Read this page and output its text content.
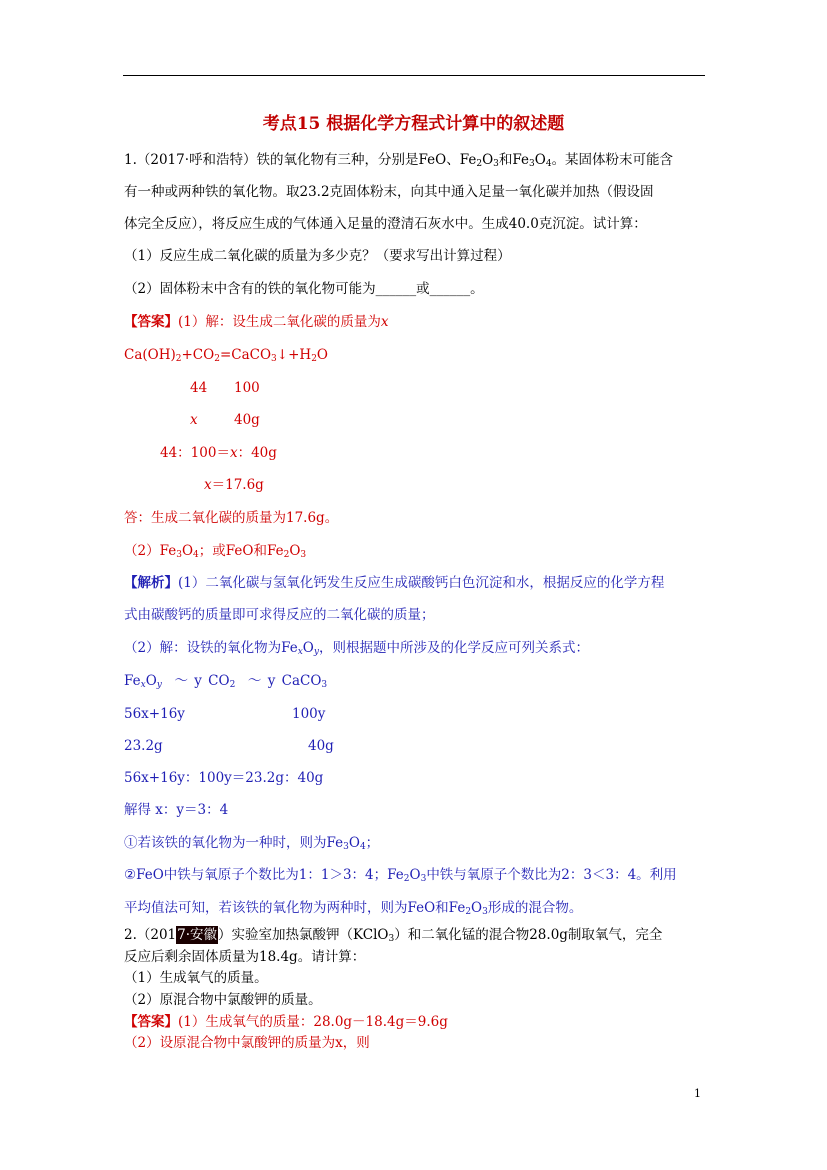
考点15 根据化学方程式计算中的叙述题
1.（2017·呼和浩特）铁的氧化物有三种，分别是FeO、$Fe_2O_3$和$Fe_3O_4$。某固体粉末可能含
有一种或两种铁的氧化物。取23.2克固体粉末，向其中通入足量一氧化碳并加热（假设固
体完全反应），将反应生成的气体通入足量的澄清石灰水中。生成40.0克沉淀。试计算：
（1）反应生成二氧化碳的质量为多少克？（要求写出计算过程）
（2）固体粉末中含有的铁的氧化物可能为______或______。
【答案】(1）解：设生成二氧化碳的质量为x
$Ca(OH)_2+CO_2=CaCO_3↓+H_2O$
44 100
x	40g
44：100＝x：40g
x＝17.6g
答：生成二氧化碳的质量为17.6g。
$(2)Fe_3O_4$；或FeO和$Fe_2O_3$
【解析】(1）二氧化碳与氢氧化钙发生反应生成碳酸钙白色沉淀和水，根据反应的化学方程
式由碳酸钙的质量即可求得反应的二氧化碳的质量；
（2）解：设铁的氧化物为$Fe_xO_y$，则根据题中所涉及的化学反应可列关系式：
$Fe_xO_y$ ～ y $CO_2$ ～ y CaCO$_3$
56x+16y	100y
23.2g	40g
56x+16y：100y＝23.2g：40g
解得 x：y＝3：4
①若该铁的氧化物为一种时，则为$Fe_3O_4$；
②FeO中铁与氧原子个数比为1：1＞3：4；$Fe_2O_3$中铁与氧原子个数比为2：3＜3：4。利用
平均值法可知，若该铁的氧化物为两种时，则为FeO和$Fe_2O_3$形成的混合物。
2.（2017·安徽）实验室加热氯酸钾（KClO$_3$）和二氧化锰的混合物28.0g制取氧气，完全
反应后剩余固体质量为18.4g。请计算：
（1）生成氧气的质量。
（2）原混合物中氯酸钾的质量。
【答案】(1）生成氧气的质量：28.0g－18.4g＝9.6g
（2）设原混合物中氯酸钾的质量为x，则
1
